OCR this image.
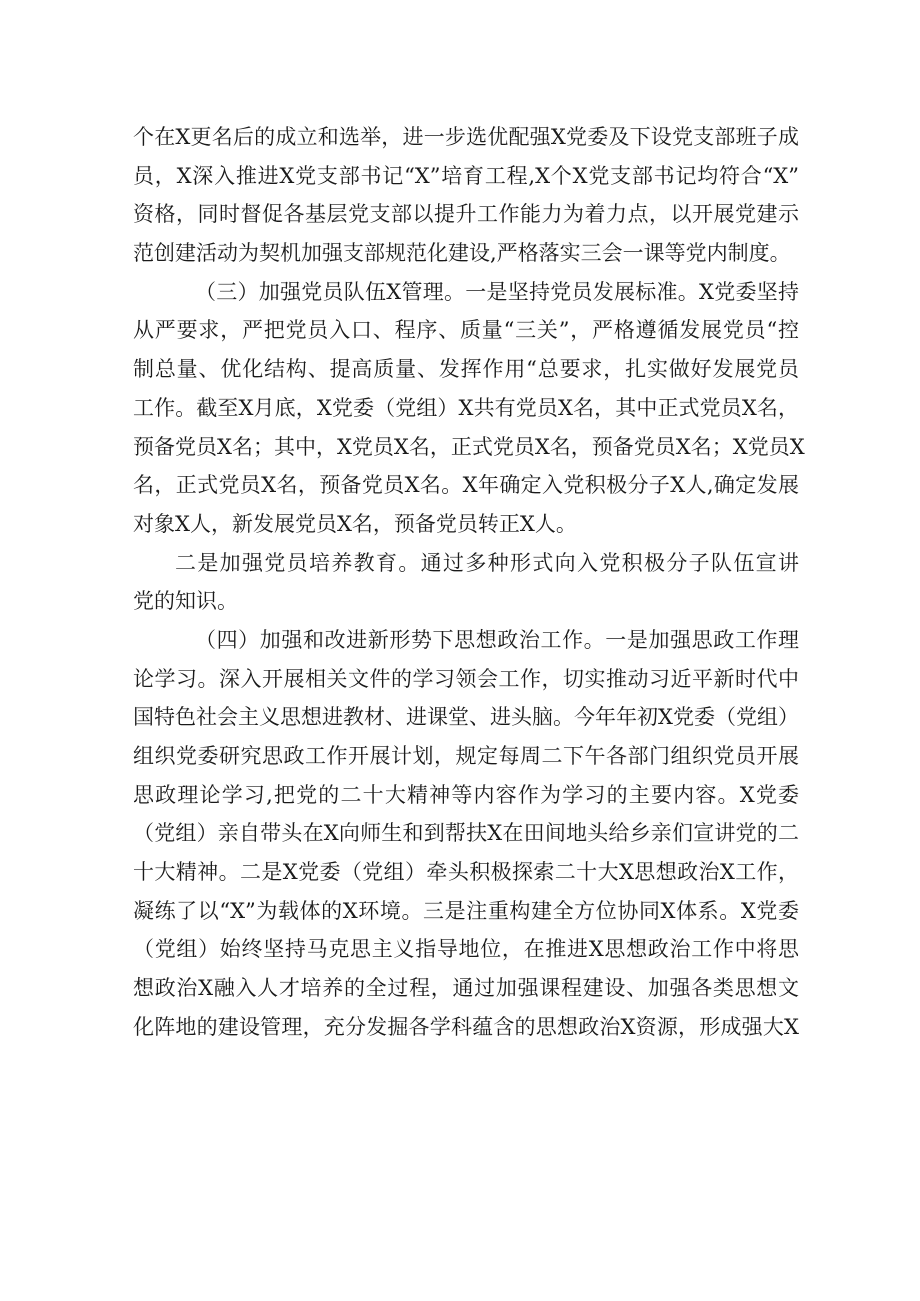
个在X更名后的成立和选举，进一步选优配强X党委及下设党支部班子成
员，X深入推进X党支部书记“X”培育工程,X个X党支部书记均符合“X”
资格，同时督促各基层党支部以提升工作能力为着力点，以开展党建示
范创建活动为契机加强支部规范化建设,严格落实三会一课等党内制度。
（三）加强党员队伍X管理。一是坚持党员发展标准。X党委坚持
从严要求，严把党员入口、程序、质量“三关”，严格遵循发展党员“控
制总量、优化结构、提高质量、发挥作用“总要求，扎实做好发展党员
工作。截至X月底，X党委（党组）X共有党员X名，其中正式党员X名，
预备党员X名；其中，X党员X名，正式党员X名，预备党员X名；X党员X
名，正式党员X名，预备党员X名。X年确定入党积极分子X人,确定发展
对象X人，新发展党员X名，预备党员转正X人。
二是加强党员培养教育。通过多种形式向入党积极分子队伍宣讲
党的知识。
（四）加强和改进新形势下思想政治工作。一是加强思政工作理
论学习。深入开展相关文件的学习领会工作，切实推动习近平新时代中
国特色社会主义思想进教材、进课堂、进头脑。今年年初X党委（党组）
组织党委研究思政工作开展计划，规定每周二下午各部门组织党员开展
思政理论学习,把党的二十大精神等内容作为学习的主要内容。X党委
（党组）亲自带头在X向师生和到帮扶X在田间地头给乡亲们宣讲党的二
十大精神。二是X党委（党组）牵头积极探索二十大X思想政治X工作，
凝练了以“X”为载体的X环境。三是注重构建全方位协同X体系。X党委
（党组）始终坚持马克思主义指导地位，在推进X思想政治工作中将思
想政治X融入人才培养的全过程，通过加强课程建设、加强各类思想文
化阵地的建设管理，充分发掘各学科蕴含的思想政治X资源，形成强大X
